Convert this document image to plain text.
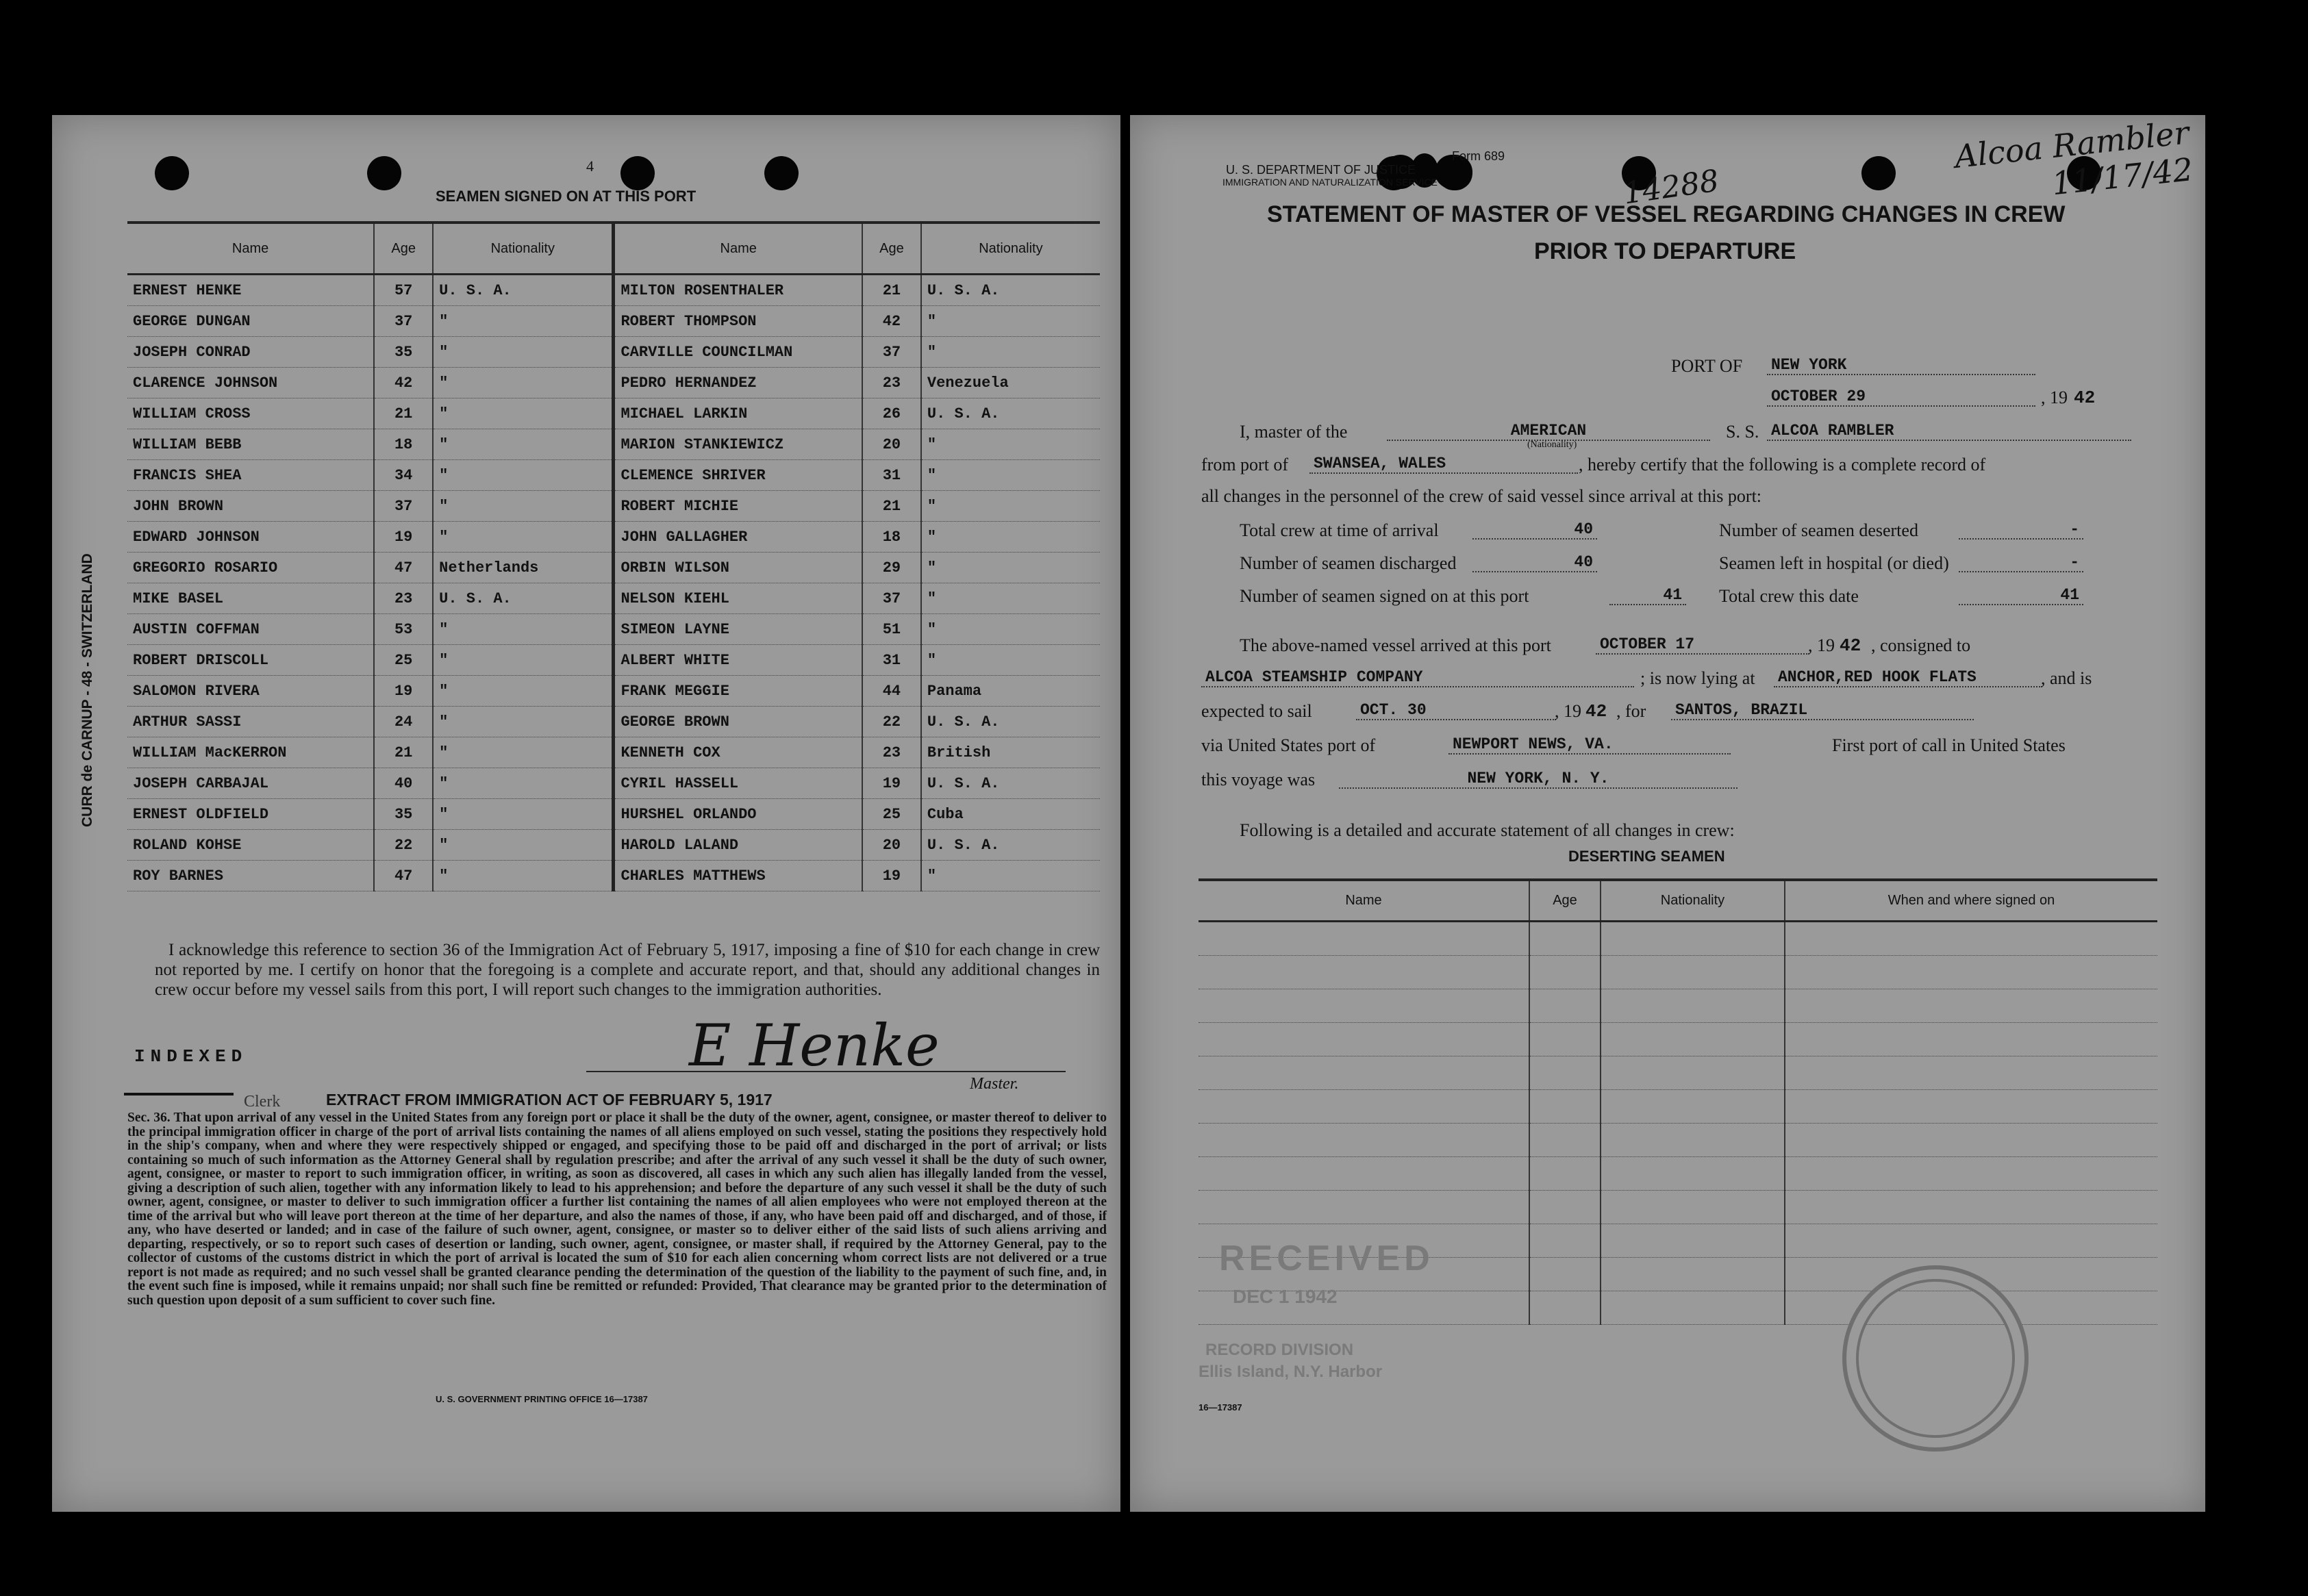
4
SEAMEN SIGNED ON AT THIS PORT
CURR de CARNUP - 48 - SWITZERLAND
Name	Age	Nationality	Name	Age	Nationality
ERNEST HENKE	57	U. S. A.	MILTON ROSENTHALER	21	U. S. A.
GEORGE DUNGAN	37	"	ROBERT THOMPSON	42	"
JOSEPH CONRAD	35	"	CARVILLE COUNCILMAN	37	"
CLARENCE JOHNSON	42	"	PEDRO HERNANDEZ	23	Venezuela
WILLIAM CROSS	21	"	MICHAEL LARKIN	26	U. S. A.
WILLIAM BEBB	18	"	MARION STANKIEWICZ	20	"
FRANCIS SHEA	34	"	CLEMENCE SHRIVER	31	"
JOHN BROWN	37	"	ROBERT MICHIE	21	"
EDWARD JOHNSON	19	"	JOHN GALLAGHER	18	"
GREGORIO ROSARIO	47	Netherlands	ORBIN WILSON	29	"
MIKE BASEL	23	U. S. A.	NELSON KIEHL	37	"
AUSTIN COFFMAN	53	"	SIMEON LAYNE	51	"
ROBERT DRISCOLL	25	"	ALBERT WHITE	31	"
SALOMON RIVERA	19	"	FRANK MEGGIE	44	Panama
ARTHUR SASSI	24	"	GEORGE BROWN	22	U. S. A.
WILLIAM MacKERRON	21	"	KENNETH COX	23	British
JOSEPH CARBAJAL	40	"	CYRIL HASSELL	19	U. S. A.
ERNEST OLDFIELD	35	"	HURSHEL ORLANDO	25	Cuba
ROLAND KOHSE	22	"	HAROLD LALAND	20	U. S. A.
ROY BARNES	47	"	CHARLES MATTHEWS	19	"
I acknowledge this reference to section 36 of the Immigration Act of February 5, 1917, imposing a fine of $10 for each change in crew not reported by me. I certify on honor that the foregoing is a complete and accurate report, and that, should any additional changes in crew occur before my vessel sails from this port, I will report such changes to the immigration authorities.
INDEXED
Clerk
E Henke
Master.
EXTRACT FROM IMMIGRATION ACT OF FEBRUARY 5, 1917
Sec. 36. That upon arrival of any vessel in the United States from any foreign port or place it shall be the duty of the owner, agent, consignee, or master thereof to deliver to the principal immigration officer in charge of the port of arrival lists containing the names of all aliens employed on such vessel, stating the positions they respectively hold in the ship's company, when and where they were respectively shipped or engaged, and specifying those to be paid off and discharged in the port of arrival; or lists containing so much of such information as the Attorney General shall by regulation prescribe; and after the arrival of any such vessel it shall be the duty of such owner, agent, consignee, or master to report to such immigration officer, in writing, as soon as discovered, all cases in which any such alien has illegally landed from the vessel, giving a description of such alien, together with any information likely to lead to his apprehension; and before the departure of any such vessel it shall be the duty of such owner, agent, consignee, or master to deliver to such immigration officer a further list containing the names of all alien employees who were not employed thereon at the time of the arrival but who will leave port thereon at the time of her departure, and also the names of those, if any, who have been paid off and discharged, and of those, if any, who have deserted or landed; and in case of the failure of such owner, agent, consignee, or master so to deliver either of the said lists of such aliens arriving and departing, respectively, or so to report such cases of desertion or landing, such owner, agent, consignee, or master shall, if required by the Attorney General, pay to the collector of customs of the customs district in which the port of arrival is located the sum of $10 for each alien concerning whom correct lists are not delivered or a true report is not made as required; and no such vessel shall be granted clearance pending the determination of the question of the liability to the payment of such fine, and, in the event such fine is imposed, while it remains unpaid; nor shall such fine be remitted or refunded: Provided, That clearance may be granted prior to the determination of such question upon deposit of a sum sufficient to cover such fine.
U. S. GOVERNMENT PRINTING OFFICE 16—17387
Form 689
U. S. DEPARTMENT OF JUSTICE
IMMIGRATION AND NATURALIZATION SERVICE	14288
Alcoa Rambler 11/17/42
STATEMENT OF MASTER OF VESSEL REGARDING CHANGES IN CREW
PRIOR TO DEPARTURE
PORT OF NEW YORK
OCTOBER 29	, 19 42
I, master of the	AMERICAN
(Nationality)
S. S. ALCOA RAMBLER
from port of SWANSEA, WALES	, hereby certify that the following is a complete record of
all changes in the personnel of the crew of said vessel since arrival at this port:
Total crew at time of arrival	40	Number of seamen deserted	-
Number of seamen discharged	40	Seamen left in hospital (or died)	-
Number of seamen signed on at this port	41 Total crew this date	41
The above-named vessel arrived at this port	OCTOBER 17	, 19 42 , consigned to
ALCOA STEAMSHIP COMPANY	; is now lying at ANCHOR,RED HOOK FLATS	, and is
expected to sail	OCT. 30	, 19 42 , for SANTOS, BRAZIL
via United States port of	NEWPORT NEWS, VA.	First port of call in United States
this voyage was	NEW YORK, N. Y.
Following is a detailed and accurate statement of all changes in crew:
DESERTING SEAMEN
Name	Age	Nationality	When and where signed on

RECEIVED
DEC 1 1942
RECORD DIVISION
Ellis Island, N.Y. Harbor
16—17387
